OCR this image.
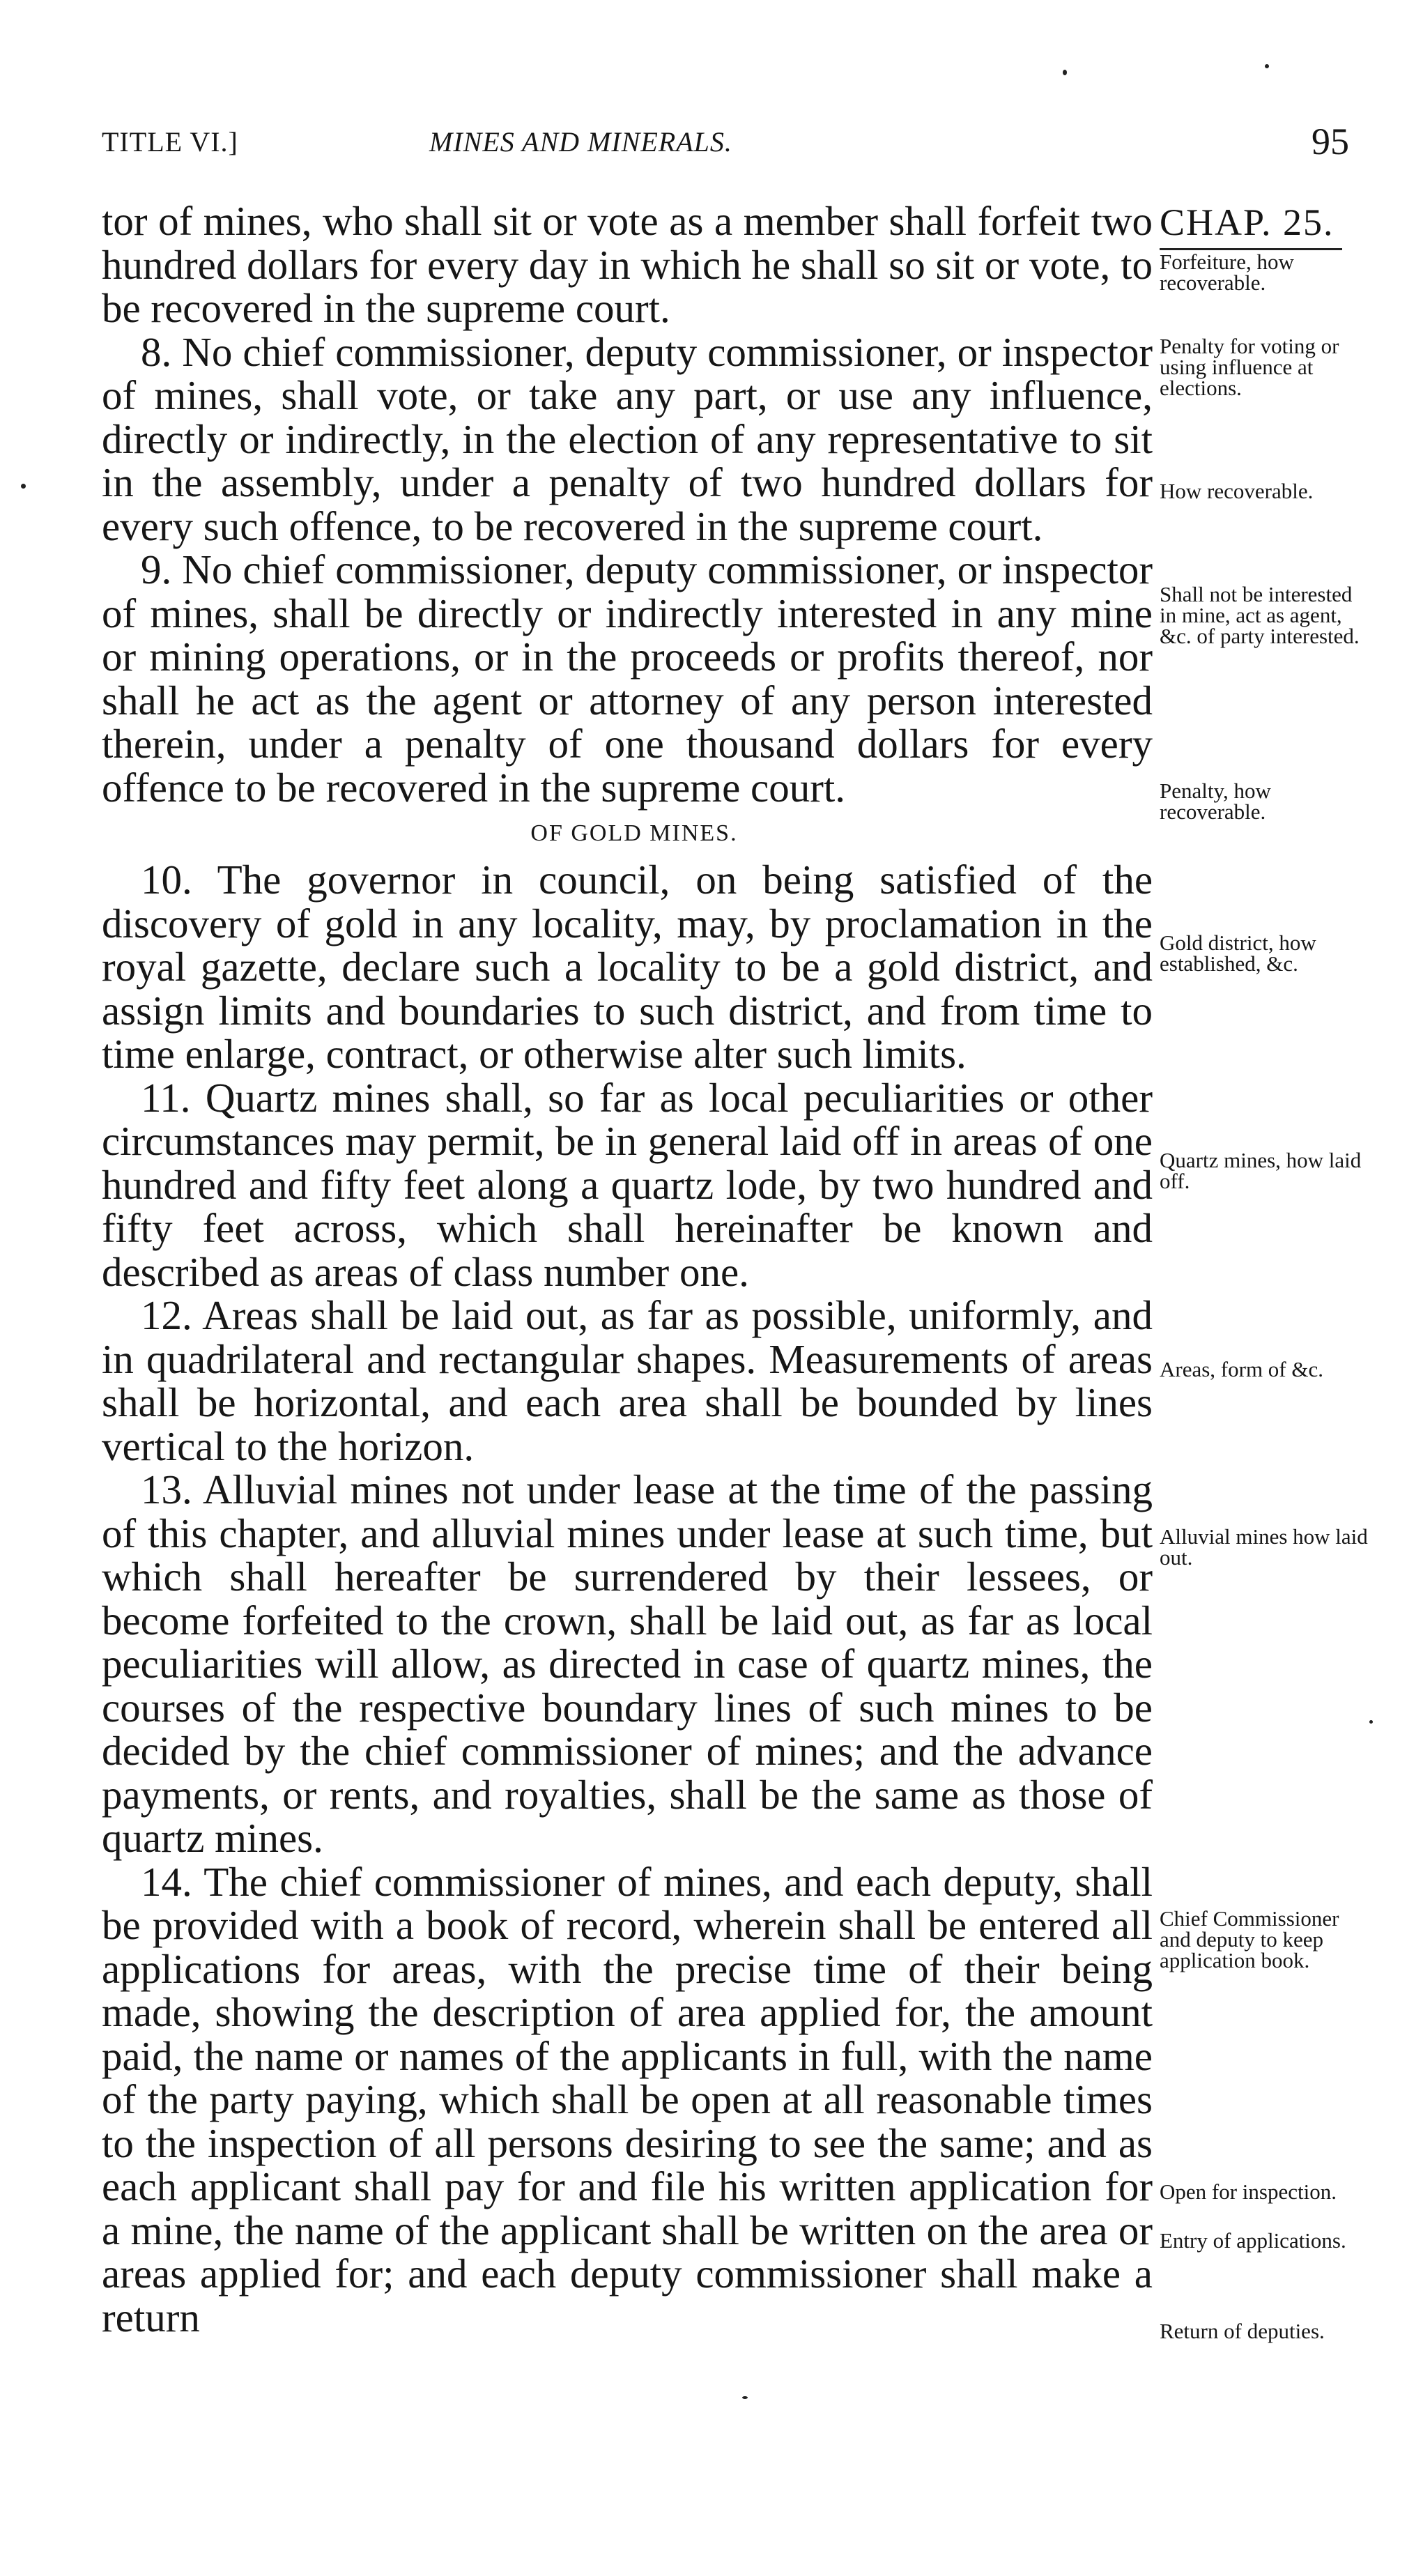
TITLE VI.]	MINES AND MINERALS.	95

tor of mines, who shall sit or vote as a member shall forfeit two hundred dollars for every day in which he shall so sit or vote, to be recovered in the supreme court.

8. No chief commissioner, deputy commissioner, or inspector of mines, shall vote, or take any part, or use any influence, directly or indirectly, in the election of any representative to sit in the assembly, under a penalty of two hundred dollars for every such offence, to be recovered in the supreme court.

9. No chief commissioner, deputy commissioner, or inspector of mines, shall be directly or indirectly interested in any mine or mining operations, or in the proceeds or profits thereof, nor shall he act as the agent or attorney of any person interested therein, under a penalty of one thousand dollars for every offence to be recovered in the supreme court.

OF GOLD MINES.

10. The governor in council, on being satisfied of the discovery of gold in any locality, may, by proclamation in the royal gazette, declare such a locality to be a gold district, and assign limits and boundaries to such district, and from time to time enlarge, contract, or otherwise alter such limits.

11. Quartz mines shall, so far as local peculiarities or other circumstances may permit, be in general laid off in areas of one hundred and fifty feet along a quartz lode, by two hundred and fifty feet across, which shall hereinafter be known and described as areas of class number one.

12. Areas shall be laid out, as far as possible, uniformly, and in quadrilateral and rectangular shapes. Measurements of areas shall be horizontal, and each area shall be bounded by lines vertical to the horizon.

13. Alluvial mines not under lease at the time of the passing of this chapter, and alluvial mines under lease at such time, but which shall hereafter be surrendered by their lessees, or become forfeited to the crown, shall be laid out, as far as local peculiarities will allow, as directed in case of quartz mines, the courses of the respective boundary lines of such mines to be decided by the chief commissioner of mines; and the advance payments, or rents, and royalties, shall be the same as those of quartz mines.

14. The chief commissioner of mines, and each deputy, shall be provided with a book of record, wherein shall be entered all applications for areas, with the precise time of their being made, showing the description of area applied for, the amount paid, the name or names of the applicants in full, with the name of the party paying, which shall be open at all reasonable times to the inspection of all persons desiring to see the same; and as each applicant shall pay for and file his written application for a mine, the name of the applicant shall be written on the area or areas applied for; and each deputy commissioner shall make a return

CHAP. 25.
Forfeiture, how recoverable.
Penalty for voting or using influence at elections.
How recoverable.
Shall not be interested in mine, act as agent, &c. of party interested.
Penalty, how recoverable.
Gold district, how established, &c.
Quartz mines, how laid off.
Areas, form of &c.
Alluvial mines how laid out.
Chief Commissioner and deputy to keep application book.
Open for inspection.
Entry of applications.
Return of deputies.
